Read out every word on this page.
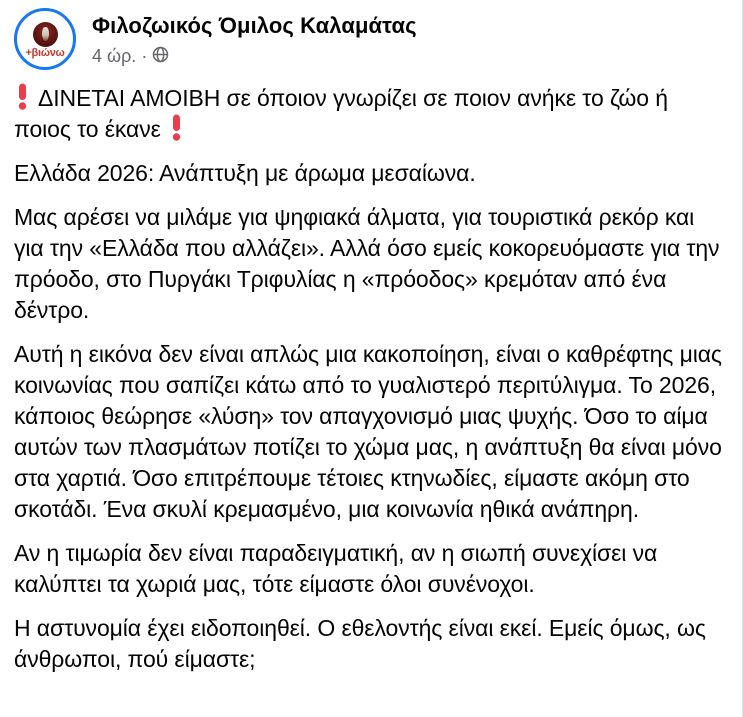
+βιώνω
Φιλοζωικός Όμιλος Καλαμάτας
4 ώρ. ·

ΔΙΝΕΤΑΙ ΑΜΟΙΒΗ σε όποιον γνωρίζει σε ποιον ανήκε το ζώο ή ποιος το έκανε

Ελλάδα 2026: Ανάπτυξη με άρωμα μεσαίωνα.

Μας αρέσει να μιλάμε για ψηφιακά άλματα, για τουριστικά ρεκόρ και για την «Ελλάδα που αλλάζει». Αλλά όσο εμείς κοκορευόμαστε για την πρόοδο, στο Πυργάκι Τριφυλίας η «πρόοδος» κρεμόταν από ένα δέντρο.

Αυτή η εικόνα δεν είναι απλώς μια κακοποίηση, είναι ο καθρέφτης μιας κοινωνίας που σαπίζει κάτω από το γυαλιστερό περιτύλιγμα. Το 2026, κάποιος θεώρησε «λύση» τον απαγχονισμό μιας ψυχής. Όσο το αίμα αυτών των πλασμάτων ποτίζει το χώμα μας, η ανάπτυξη θα είναι μόνο στα χαρτιά. Όσο επιτρέπουμε τέτοιες κτηνωδίες, είμαστε ακόμη στο σκοτάδι. Ένα σκυλί κρεμασμένο, μια κοινωνία ηθικά ανάπηρη.

Αν η τιμωρία δεν είναι παραδειγματική, αν η σιωπή συνεχίσει να καλύπτει τα χωριά μας, τότε είμαστε όλοι συνένοχοι.

Η αστυνομία έχει ειδοποιηθεί. Ο εθελοντής είναι εκεί. Εμείς όμως, ως άνθρωποι, πού είμαστε;
